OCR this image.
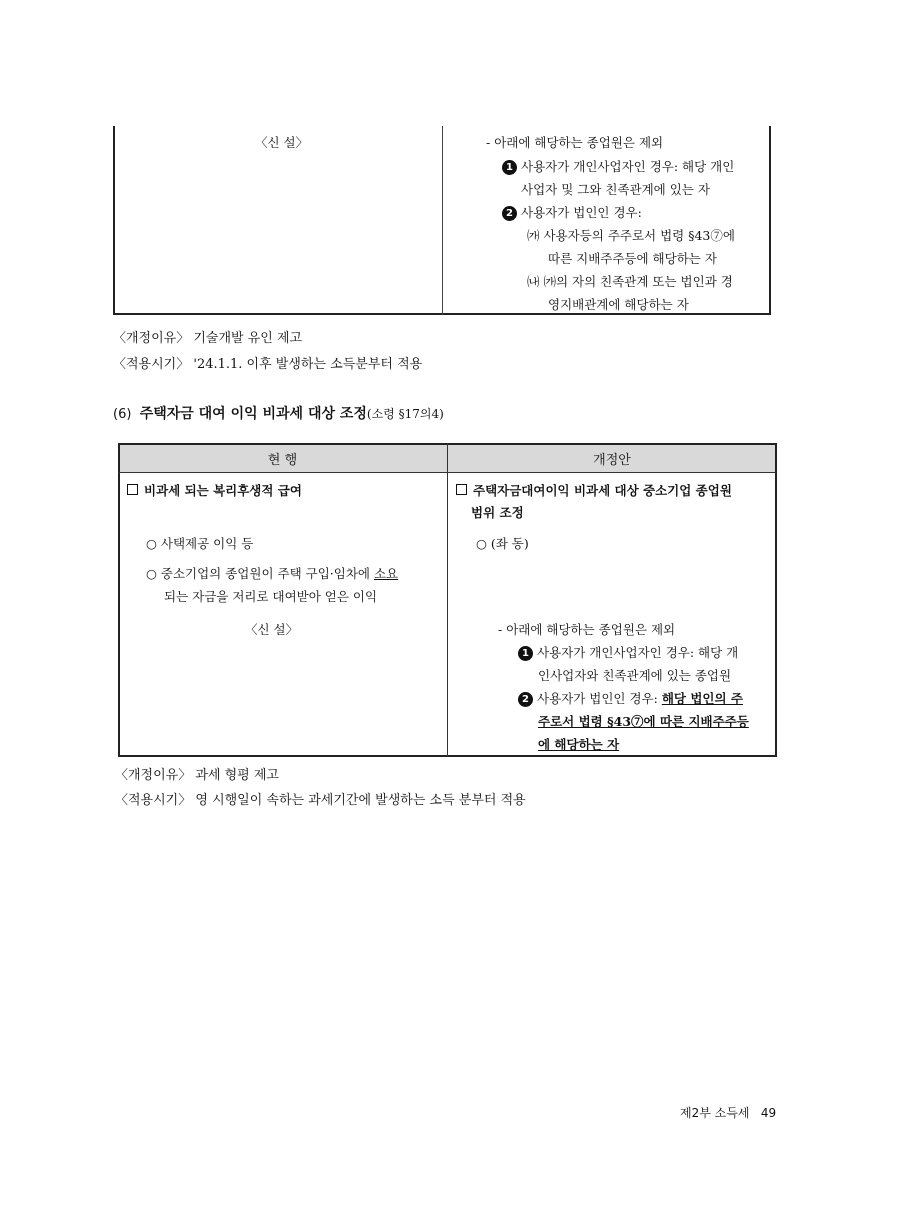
〈신 설〉	- 아래에 해당하는 종업원은 제외
1 사용자가 개인사업자인 경우: 해당 개인
사업자 및 그와 친족관계에 있는 자
2 사용자가 법인인 경우:
㈎ 사용자등의 주주로서 법령 §43⑦에
따른 지배주주등에 해당하는 자
㈏ ㈎의 자의 친족관계 또는 법인과 경
영지배관계에 해당하는 자
〈개정이유〉 기술개발 유인 제고
〈적용시기〉 '24.1.1. 이후 발생하는 소득분부터 적용
(6) 주택자금 대여 이익 비과세 대상 조정(소령 §17의4)
현 행	개정안
비과세 되는 복리후생적 급여
○ 사택제공 이익 등
○ 중소기업의 종업원이 주택 구입·임차에 소요
되는 자금을 저리로 대여받아 얻은 이익
〈신 설〉
주택자금대여이익 비과세 대상 중소기업 종업원
범위 조정
○ (좌 동)
- 아래에 해당하는 종업원은 제외
1 사용자가 개인사업자인 경우: 해당 개
인사업자와 친족관계에 있는 종업원
2 사용자가 법인인 경우: 해당 법인의 주
주로서 법령 §43⑦에 따른 지배주주등
에 해당하는 자
〈개정이유〉 과세 형평 제고
〈적용시기〉 영 시행일이 속하는 과세기간에 발생하는 소득 분부터 적용
제2부 소득세 49
